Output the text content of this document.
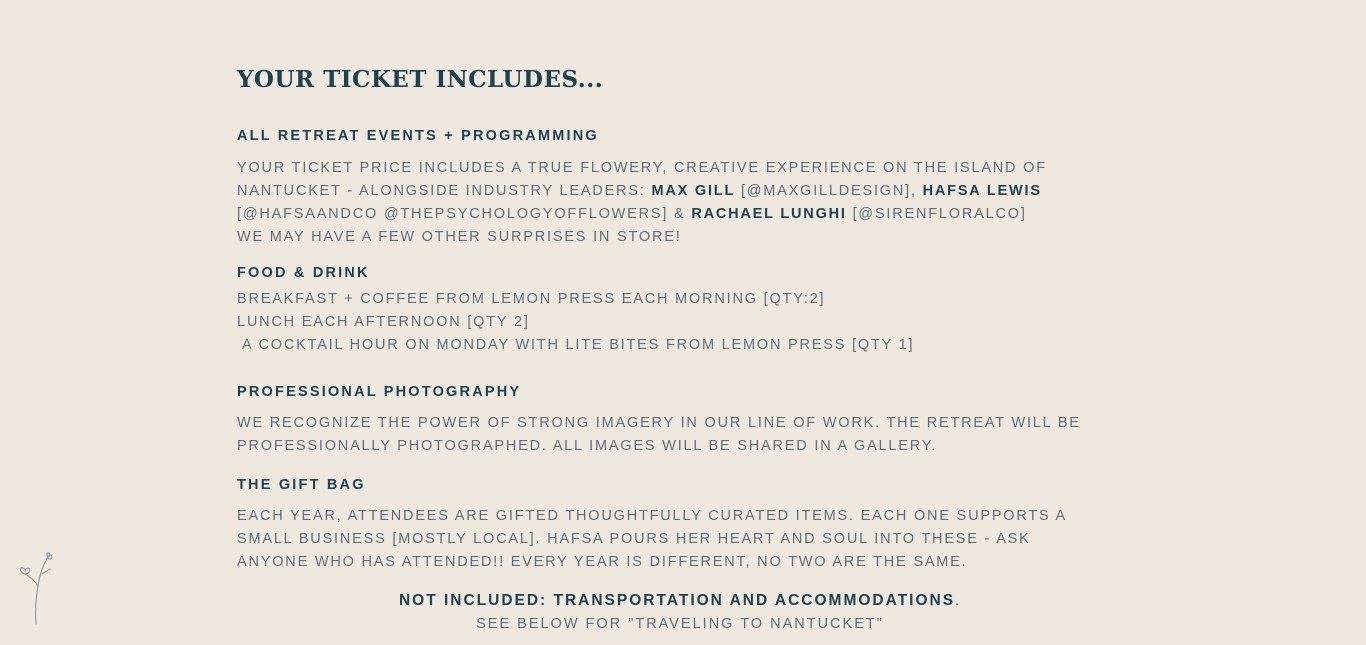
YOUR TICKET INCLUDES...
ALL RETREAT EVENTS + PROGRAMMING
YOUR TICKET PRICE INCLUDES A TRUE FLOWERY, CREATIVE EXPERIENCE ON THE ISLAND OF
NANTUCKET - ALONGSIDE INDUSTRY LEADERS: MAX GILL [@MAXGILLDESIGN], HAFSA LEWIS
[@HAFSAANDCO @THEPSYCHOLOGYOFFLOWERS] & RACHAEL LUNGHI [@SIRENFLORALCO]
WE MAY HAVE A FEW OTHER SURPRISES IN STORE!
FOOD & DRINK
BREAKFAST + COFFEE FROM LEMON PRESS EACH MORNING [QTY:2]
LUNCH EACH AFTERNOON [QTY 2]
A COCKTAIL HOUR ON MONDAY WITH LITE BITES FROM LEMON PRESS [QTY 1]
PROFESSIONAL PHOTOGRAPHY
WE RECOGNIZE THE POWER OF STRONG IMAGERY IN OUR LINE OF WORK. THE RETREAT WILL BE
PROFESSIONALLY PHOTOGRAPHED. ALL IMAGES WILL BE SHARED IN A GALLERY.
THE GIFT BAG
EACH YEAR, ATTENDEES ARE GIFTED THOUGHTFULLY CURATED ITEMS. EACH ONE SUPPORTS A
SMALL BUSINESS [MOSTLY LOCAL]. HAFSA POURS HER HEART AND SOUL INTO THESE - ASK
ANYONE WHO HAS ATTENDED!! EVERY YEAR IS DIFFERENT, NO TWO ARE THE SAME.
NOT INCLUDED: TRANSPORTATION AND ACCOMMODATIONS.
SEE BELOW FOR "TRAVELING TO NANTUCKET"
